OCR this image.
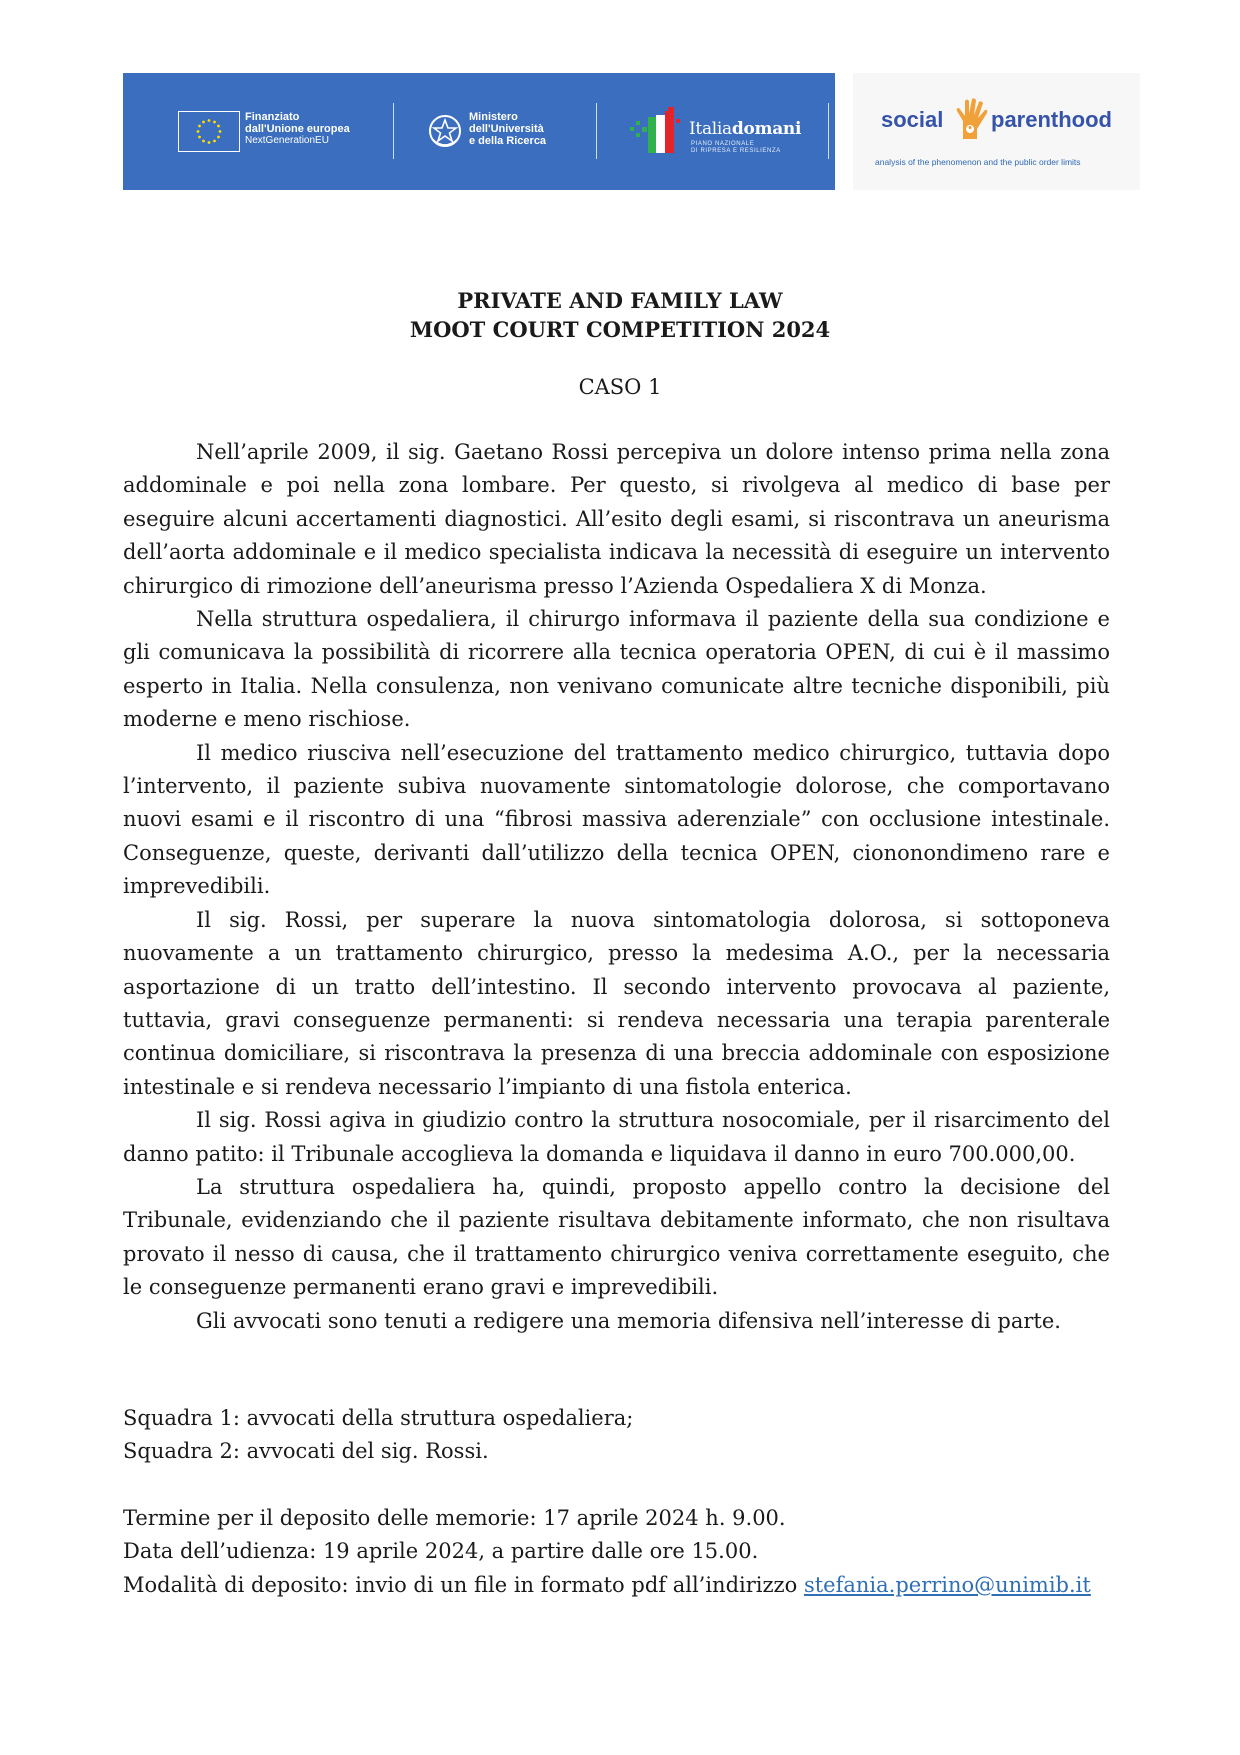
Finanziato
dall'Unione europea
NextGenerationEU
Ministero
dell'Università
e della Ricerca
Italiadomani
PIANO NAZIONALE
DI RIPRESA E RESILIENZA
social parenthood
analysis of the phenomenon and the public order limits
PRIVATE AND FAMILY LAW
MOOT COURT COMPETITION 2024
CASO 1

Nell’aprile 2009, il sig. Gaetano Rossi percepiva un dolore intenso prima nella zona addominale e poi nella zona lombare. Per questo, si rivolgeva al medico di base per eseguire alcuni accertamenti diagnostici. All’esito degli esami, si riscontrava un aneurisma dell’aorta addominale e il medico specialista indicava la necessità di eseguire un intervento chirurgico di rimozione dell’aneurisma presso l’Azienda Ospedaliera X di Monza.

Nella struttura ospedaliera, il chirurgo informava il paziente della sua condizione e gli comunicava la possibilità di ricorrere alla tecnica operatoria OPEN, di cui è il massimo esperto in Italia. Nella consulenza, non venivano comunicate altre tecniche disponibili, più moderne e meno rischiose.

Il medico riusciva nell’esecuzione del trattamento medico chirurgico, tuttavia dopo l’intervento, il paziente subiva nuovamente sintomatologie dolorose, che comportavano nuovi esami e il riscontro di una “fibrosi massiva aderenziale” con occlusione intestinale. Conseguenze, queste, derivanti dall’utilizzo della tecnica OPEN, ciononondimeno rare e imprevedibili.

Il sig. Rossi, per superare la nuova sintomatologia dolorosa, si sottoponeva nuovamente a un trattamento chirurgico, presso la medesima A.O., per la necessaria asportazione di un tratto dell’intestino. Il secondo intervento provocava al paziente, tuttavia, gravi conseguenze permanenti: si rendeva necessaria una terapia parenterale continua domiciliare, si riscontrava la presenza di una breccia addominale con esposizione intestinale e si rendeva necessario l’impianto di una fistola enterica.

Il sig. Rossi agiva in giudizio contro la struttura nosocomiale, per il risarcimento del danno patito: il Tribunale accoglieva la domanda e liquidava il danno in euro 700.000,00.

La struttura ospedaliera ha, quindi, proposto appello contro la decisione del Tribunale, evidenziando che il paziente risultava debitamente informato, che non risultava provato il nesso di causa, che il trattamento chirurgico veniva correttamente eseguito, che le conseguenze permanenti erano gravi e imprevedibili.

Gli avvocati sono tenuti a redigere una memoria difensiva nell’interesse di parte.

Squadra 1: avvocati della struttura ospedaliera;
Squadra 2: avvocati del sig. Rossi.
Termine per il deposito delle memorie: 17 aprile 2024 h. 9.00.
Data dell’udienza: 19 aprile 2024, a partire dalle ore 15.00.
Modalità di deposito: invio di un file in formato pdf all’indirizzo stefania.perrino@unimib.it
